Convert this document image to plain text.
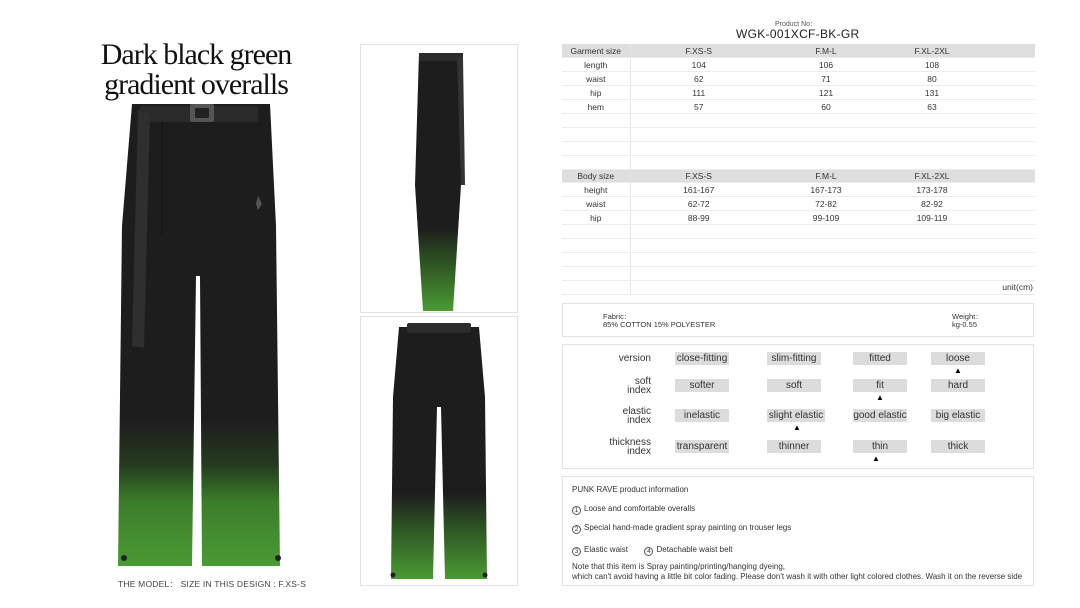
Dark black green
gradient overalls
THE MODEL： SIZE IN THIS DESIGN : F.XS-S
Product No：
WGK-001XCF-BK-GR
Garment size	F.XS-S	F.M-L	F.XL-2XL	
length	104	106	108	
waist	62	71	80	
hip	111	121	131	
hem	57	60	63	

Body size	F.XS-S	F.M-L	F.XL-2XL	
height	161-167	167-173	173-178	
waist	62-72	72-82	82-92	
hip	88-99	99-109	109-119	

				unit(cm)
Fabric：
85% COTTON 15% POLYESTER
Weight：
kg-0.55
version	close-fitting	slim-fitting	fitted	loose
▲
soft
index	softer	soft	fit	hard
▲
elastic
index	inelastic	slight elastic	good elastic	big elastic
▲
thickness
index	transparent	thinner	thin	thick
▲
PUNK RAVE product information
1 Loose and comfortable overalls
2 Special hand-made gradient spray painting on trouser legs
3 Elastic waist	4 Detachable waist belt
Note that this item is Spray painting/printing/hanging dyeing,
which can't avoid having a little bit color fading. Please don't wash it with other light colored clothes. Wash it on the reverse side
